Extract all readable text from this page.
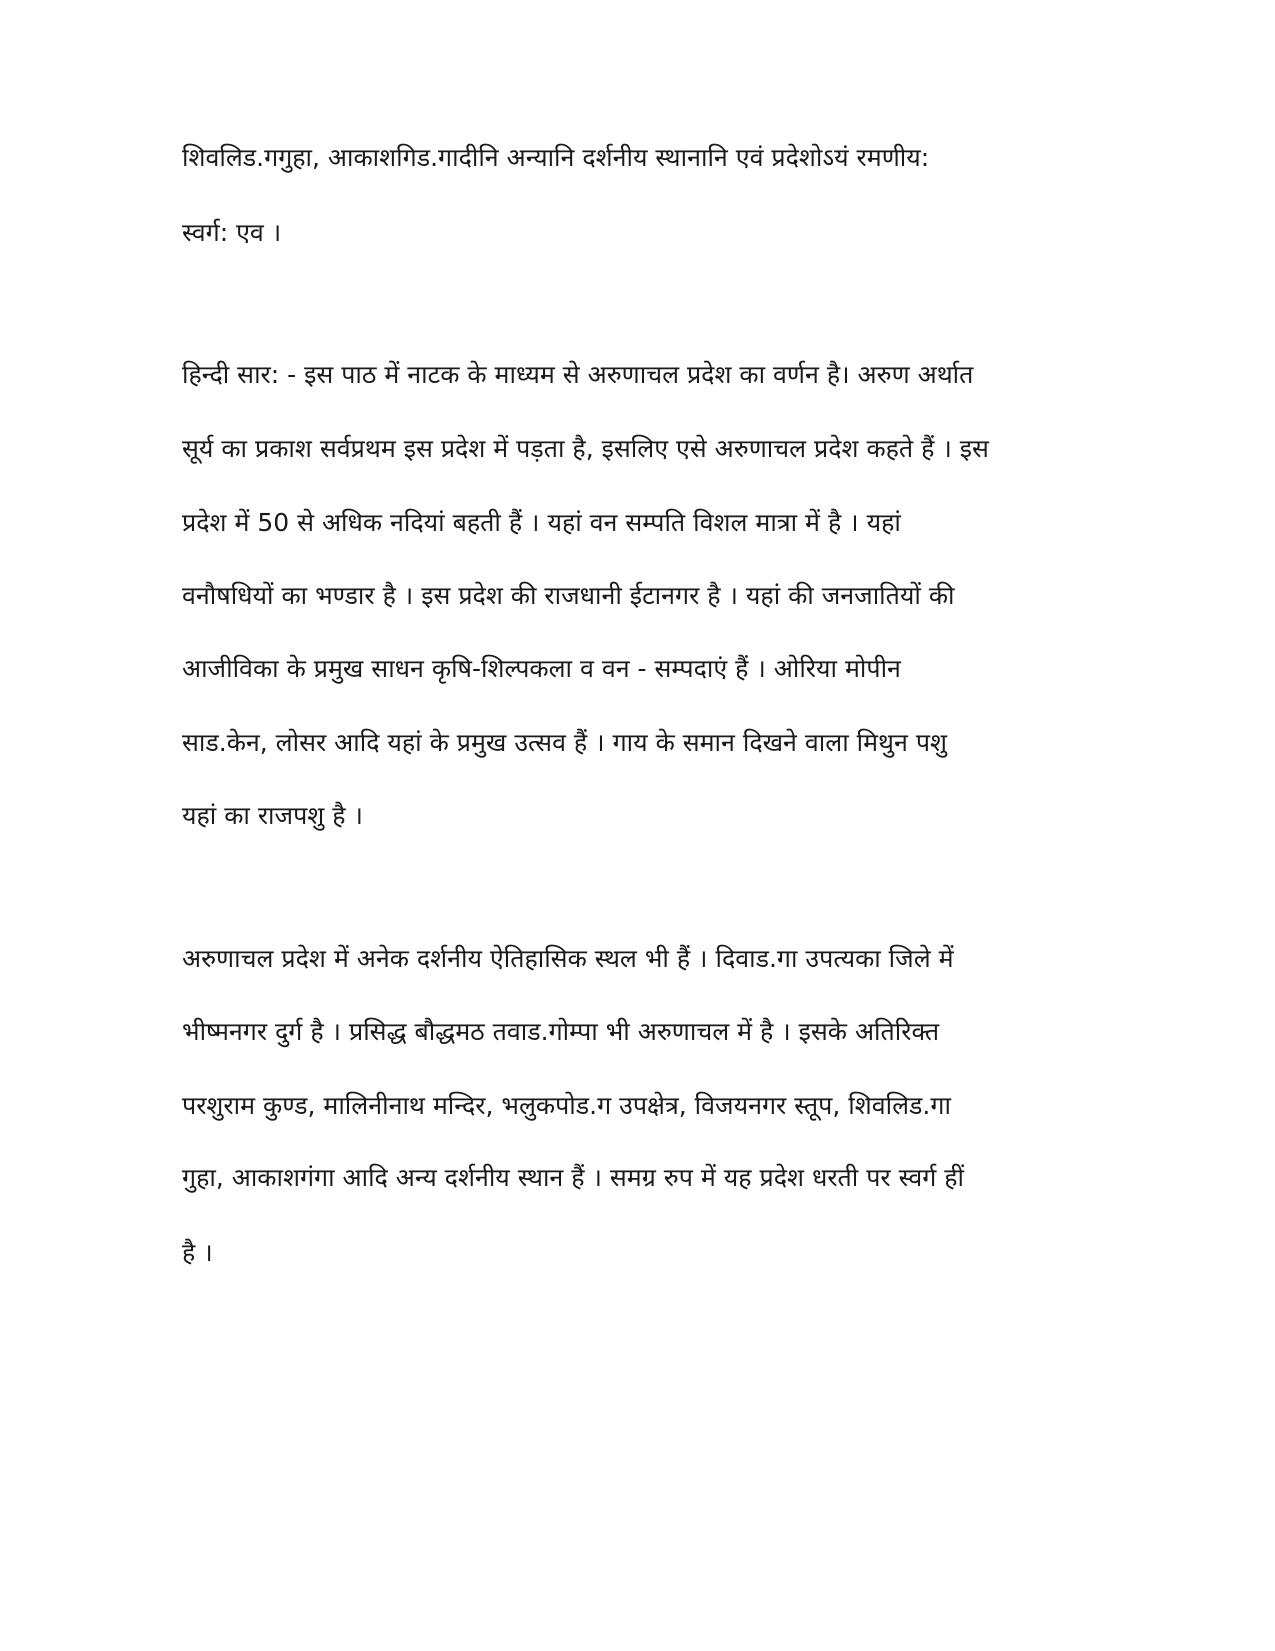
शिवलिड.गगुहा, आकाशगिड.गादीनि अन्यानि दर्शनीय स्थानानि एवं प्रदेशोऽयं रमणीय:
स्वर्ग: एव ।
हिन्दी सार: - इस पाठ में नाटक के माध्यम से अरुणाचल प्रदेश का वर्णन है। अरुण अर्थात
सूर्य का प्रकाश सर्वप्रथम इस प्रदेश में पड़ता है, इसलिए एसे अरुणाचल प्रदेश कहते हैं । इस
प्रदेश में 50 से अधिक नदियां बहती हैं । यहां वन सम्पति विशल मात्रा में है । यहां
वनौषधियों का भण्डार है । इस प्रदेश की राजधानी ईटानगर है । यहां की जनजातियों की
आजीविका के प्रमुख साधन कृषि-शिल्पकला व वन - सम्पदाएं हैं । ओरिया मोपीन
साड.केन, लोसर आदि यहां के प्रमुख उत्सव हैं । गाय के समान दिखने वाला मिथुन पशु
यहां का राजपशु है ।
अरुणाचल प्रदेश में अनेक दर्शनीय ऐतिहासिक स्थल भी हैं । दिवाड.गा उपत्यका जिले में
भीष्मनगर दुर्ग है । प्रसिद्ध बौद्धमठ तवाड.गोम्पा भी अरुणाचल में है । इसके अतिरिक्त
परशुराम कुण्ड, मालिनीनाथ मन्दिर, भलुकपोड.ग उपक्षेत्र, विजयनगर स्तूप, शिवलिड.गा
गुहा, आकाशगंगा आदि अन्य दर्शनीय स्थान हैं । समग्र रुप में यह प्रदेश धरती पर स्वर्ग हीं
है ।
